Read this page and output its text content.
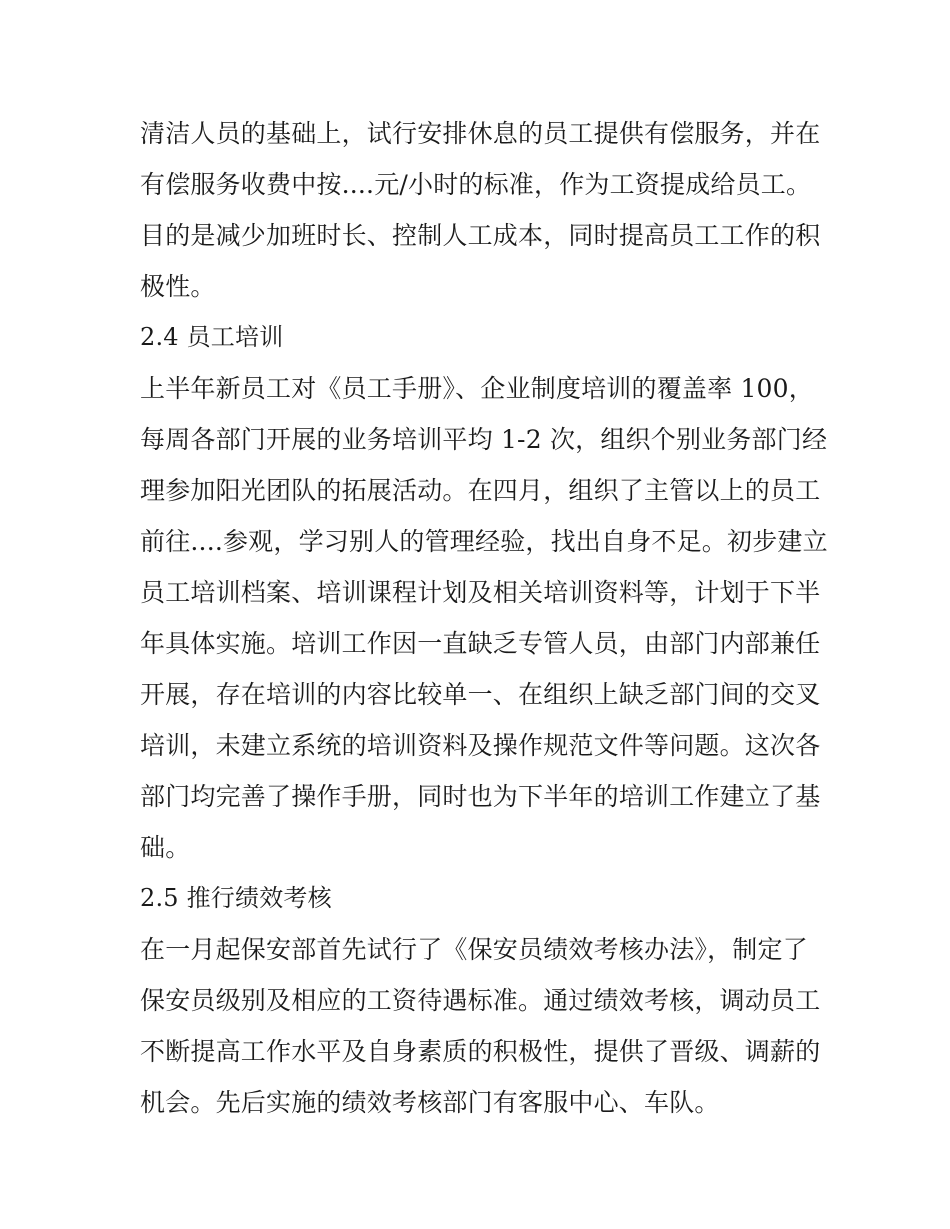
清洁人员的基础上，试行安排休息的员工提供有偿服务，并在
有偿服务收费中按....元/小时的标准，作为工资提成给员工。
目的是减少加班时长、控制人工成本，同时提高员工工作的积
极性。
2.4 员工培训
上半年新员工对《员工手册》、企业制度培训的覆盖率 100，
每周各部门开展的业务培训平均 1-2 次，组织个别业务部门经
理参加阳光团队的拓展活动。在四月，组织了主管以上的员工
前往....参观，学习别人的管理经验，找出自身不足。初步建立
员工培训档案、培训课程计划及相关培训资料等，计划于下半
年具体实施。培训工作因一直缺乏专管人员，由部门内部兼任
开展，存在培训的内容比较单一、在组织上缺乏部门间的交叉
培训，未建立系统的培训资料及操作规范文件等问题。这次各
部门均完善了操作手册，同时也为下半年的培训工作建立了基
础。
2.5 推行绩效考核
在一月起保安部首先试行了《保安员绩效考核办法》，制定了
保安员级别及相应的工资待遇标准。通过绩效考核，调动员工
不断提高工作水平及自身素质的积极性，提供了晋级、调薪的
机会。先后实施的绩效考核部门有客服中心、车队。
